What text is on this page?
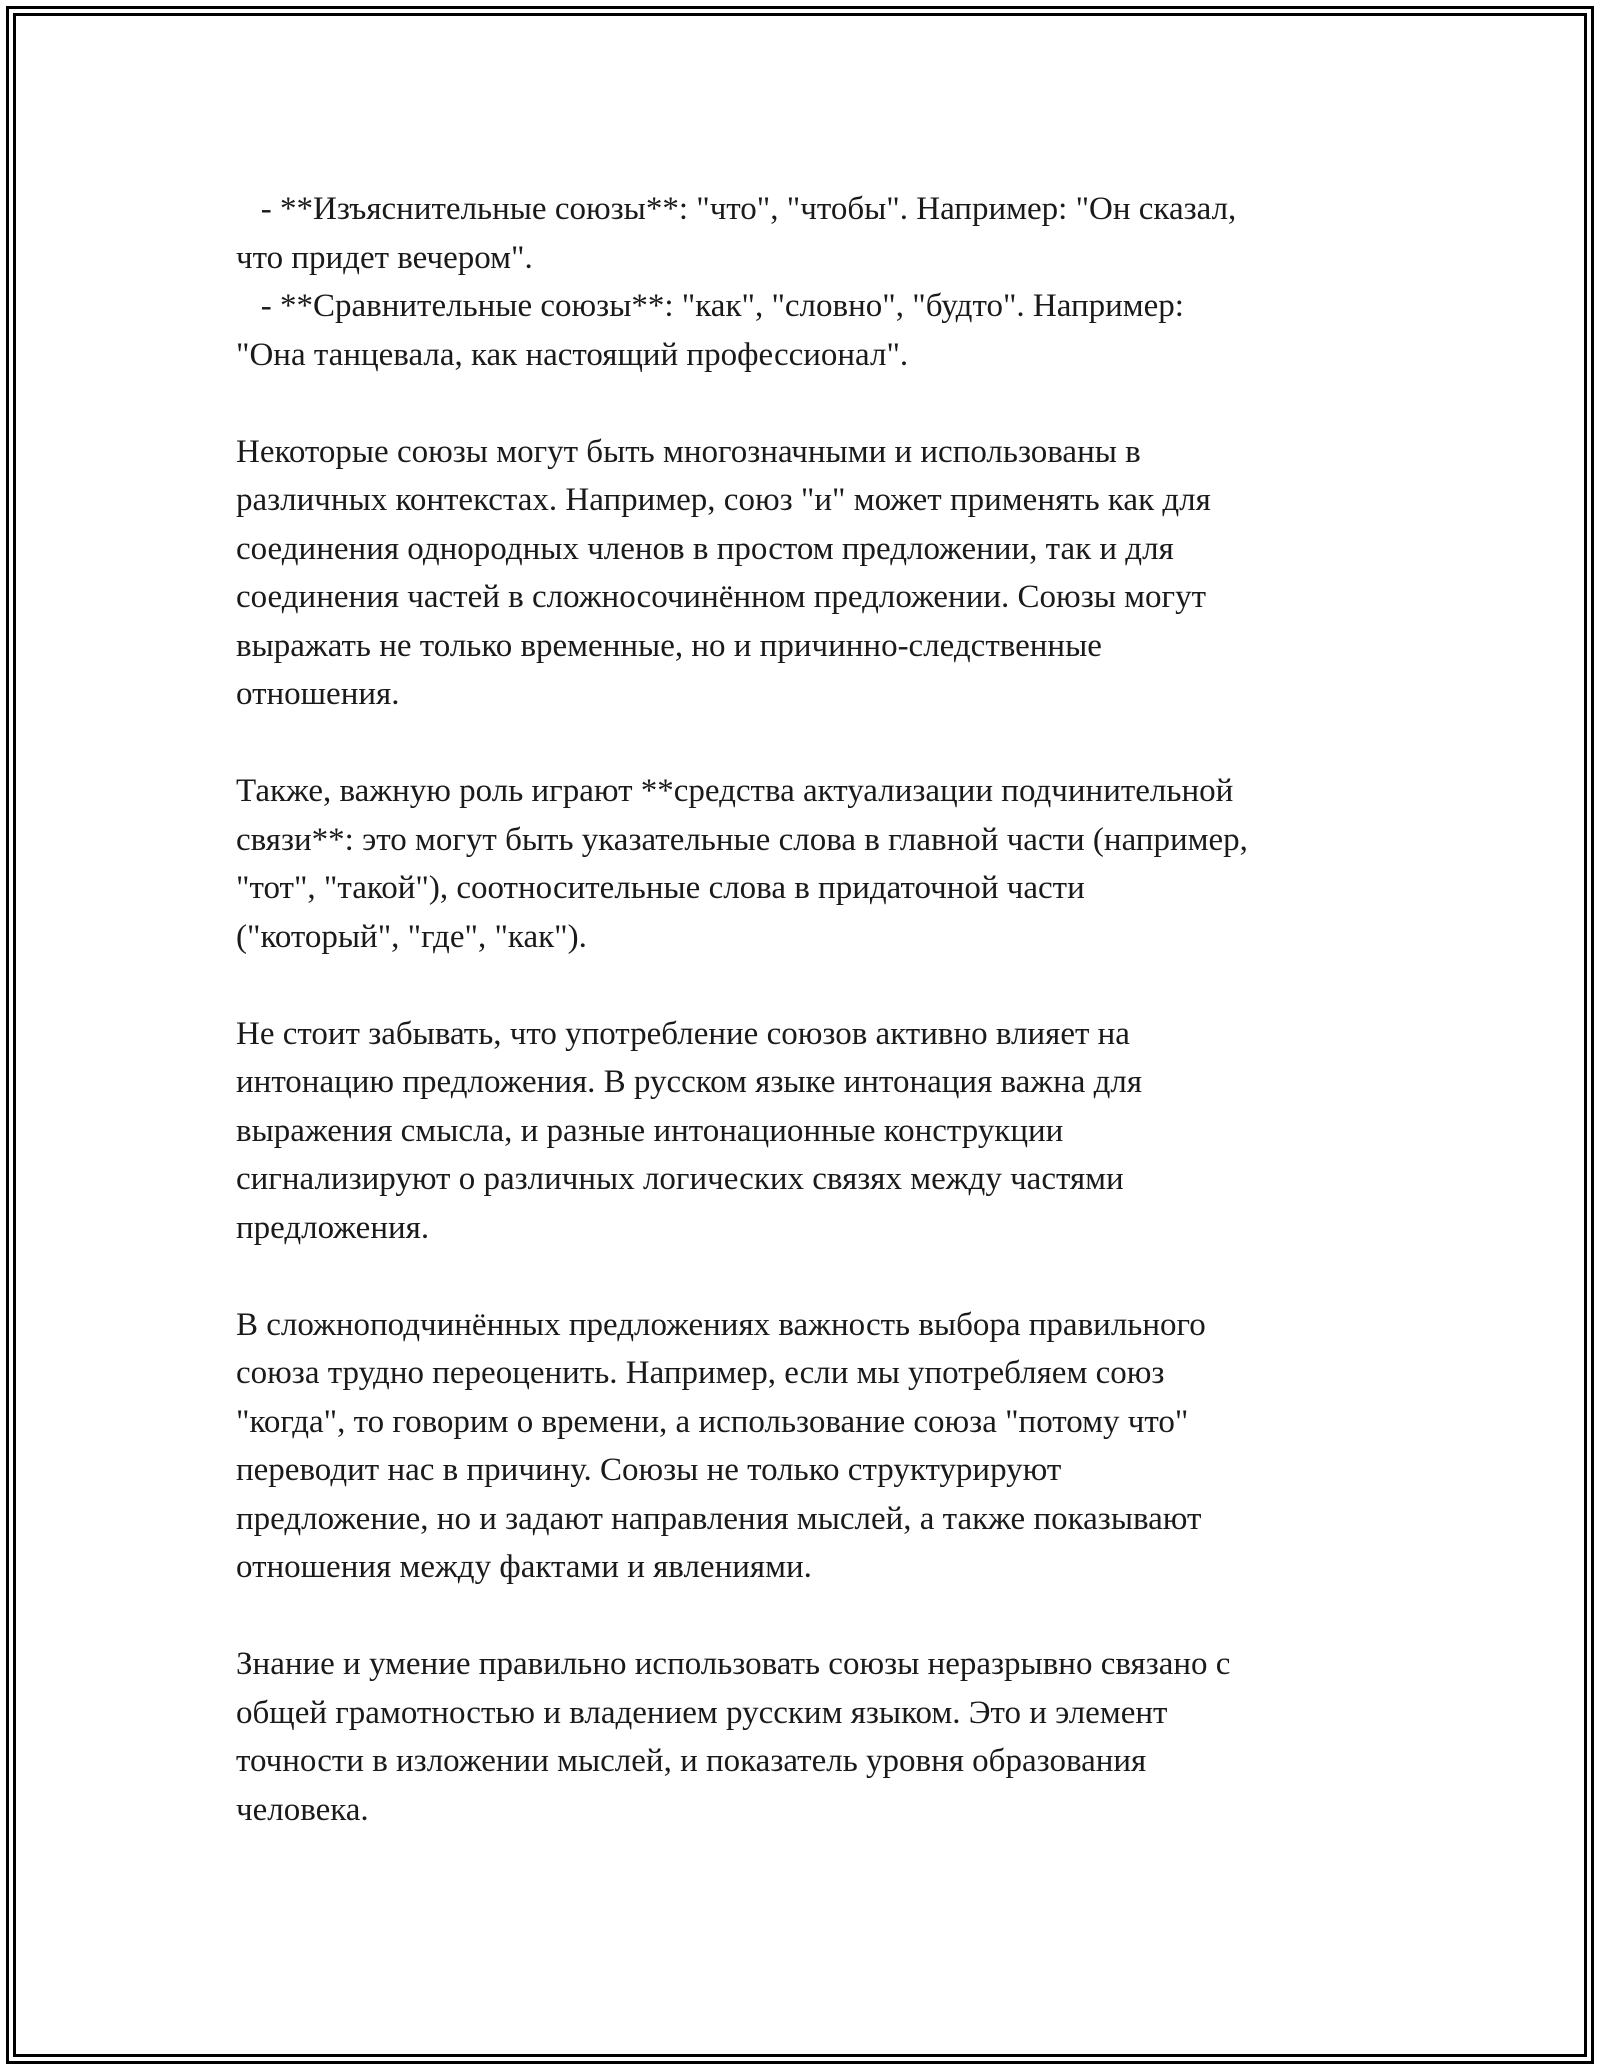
- **Изъяснительные союзы**: "что", "чтобы". Например: "Он сказал,
что придет вечером".
- **Сравнительные союзы**: "как", "словно", "будто". Например:
"Она танцевала, как настоящий профессионал".
Некоторые союзы могут быть многозначными и использованы в
различных контекстах. Например, союз "и" может применять как для
соединения однородных членов в простом предложении, так и для
соединения частей в сложносочинённом предложении. Союзы могут
выражать не только временные, но и причинно-следственные
отношения.
Также, важную роль играют **средства актуализации подчинительной
связи**: это могут быть указательные слова в главной части (например,
"тот", "такой"), соотносительные слова в придаточной части
("который", "где", "как").
Не стоит забывать, что употребление союзов активно влияет на
интонацию предложения. В русском языке интонация важна для
выражения смысла, и разные интонационные конструкции
сигнализируют о различных логических связях между частями
предложения.
В сложноподчинённых предложениях важность выбора правильного
союза трудно переоценить. Например, если мы употребляем союз
"когда", то говорим о времени, а использование союза "потому что"
переводит нас в причину. Союзы не только структурируют
предложение, но и задают направления мыслей, а также показывают
отношения между фактами и явлениями.
Знание и умение правильно использовать союзы неразрывно связано с
общей грамотностью и владением русским языком. Это и элемент
точности в изложении мыслей, и показатель уровня образования
человека.
